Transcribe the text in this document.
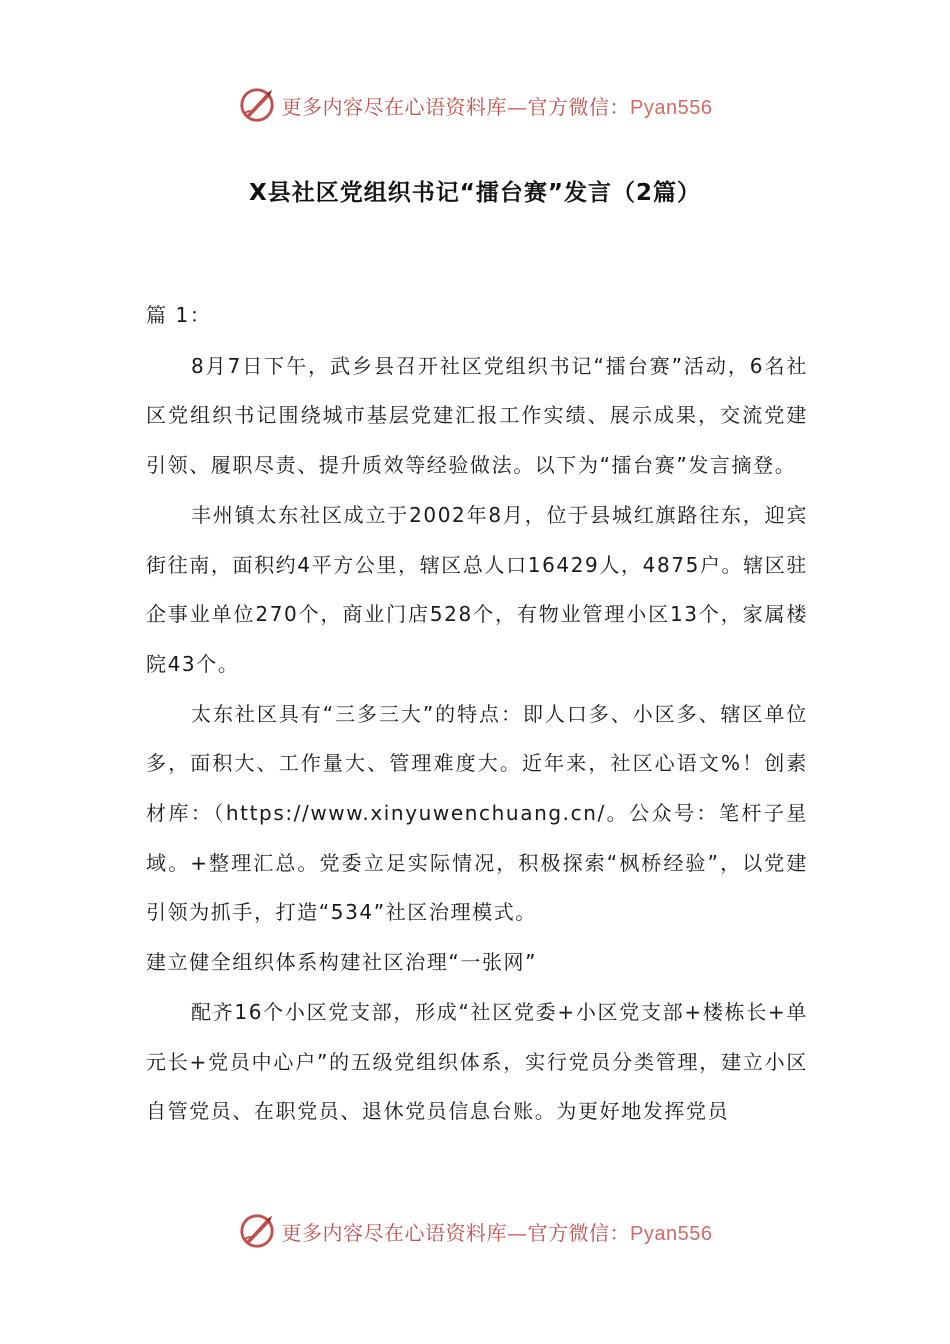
更多内容尽在心语资料库—官方微信：Pyan556
X县社区党组织书记“擂台赛”发言（2篇）

篇 1：

8月7日下午，武乡县召开社区党组织书记“擂台赛”活动，6名社区党组织书记围绕城市基层党建汇报工作实绩、展示成果，交流党建引领、履职尽责、提升质效等经验做法。以下为“擂台赛”发言摘登。

丰州镇太东社区成立于2002年8月，位于县城红旗路往东，迎宾街往南，面积约4平方公里，辖区总人口16429人，4875户。辖区驻企事业单位270个，商业门店528个，有物业管理小区13个，家属楼院43个。

太东社区具有“三多三大”的特点：即人口多、小区多、辖区单位多，面积大、工作量大、管理难度大。近年来，社区心语文%！创素材库：（https://www.xinyuwenchuang.cn/。公众号：笔杆子星域。+整理汇总。党委立足实际情况，积极探索“枫桥经验”，以党建引领为抓手，打造“534”社区治理模式。

建立健全组织体系构建社区治理“一张网”

配齐16个小区党支部，形成“社区党委+小区党支部+楼栋长+单元长+党员中心户”的五级党组织体系，实行党员分类管理，建立小区自管党员、在职党员、退休党员信息台账。为更好地发挥党员

更多内容尽在心语资料库—官方微信：Pyan556
